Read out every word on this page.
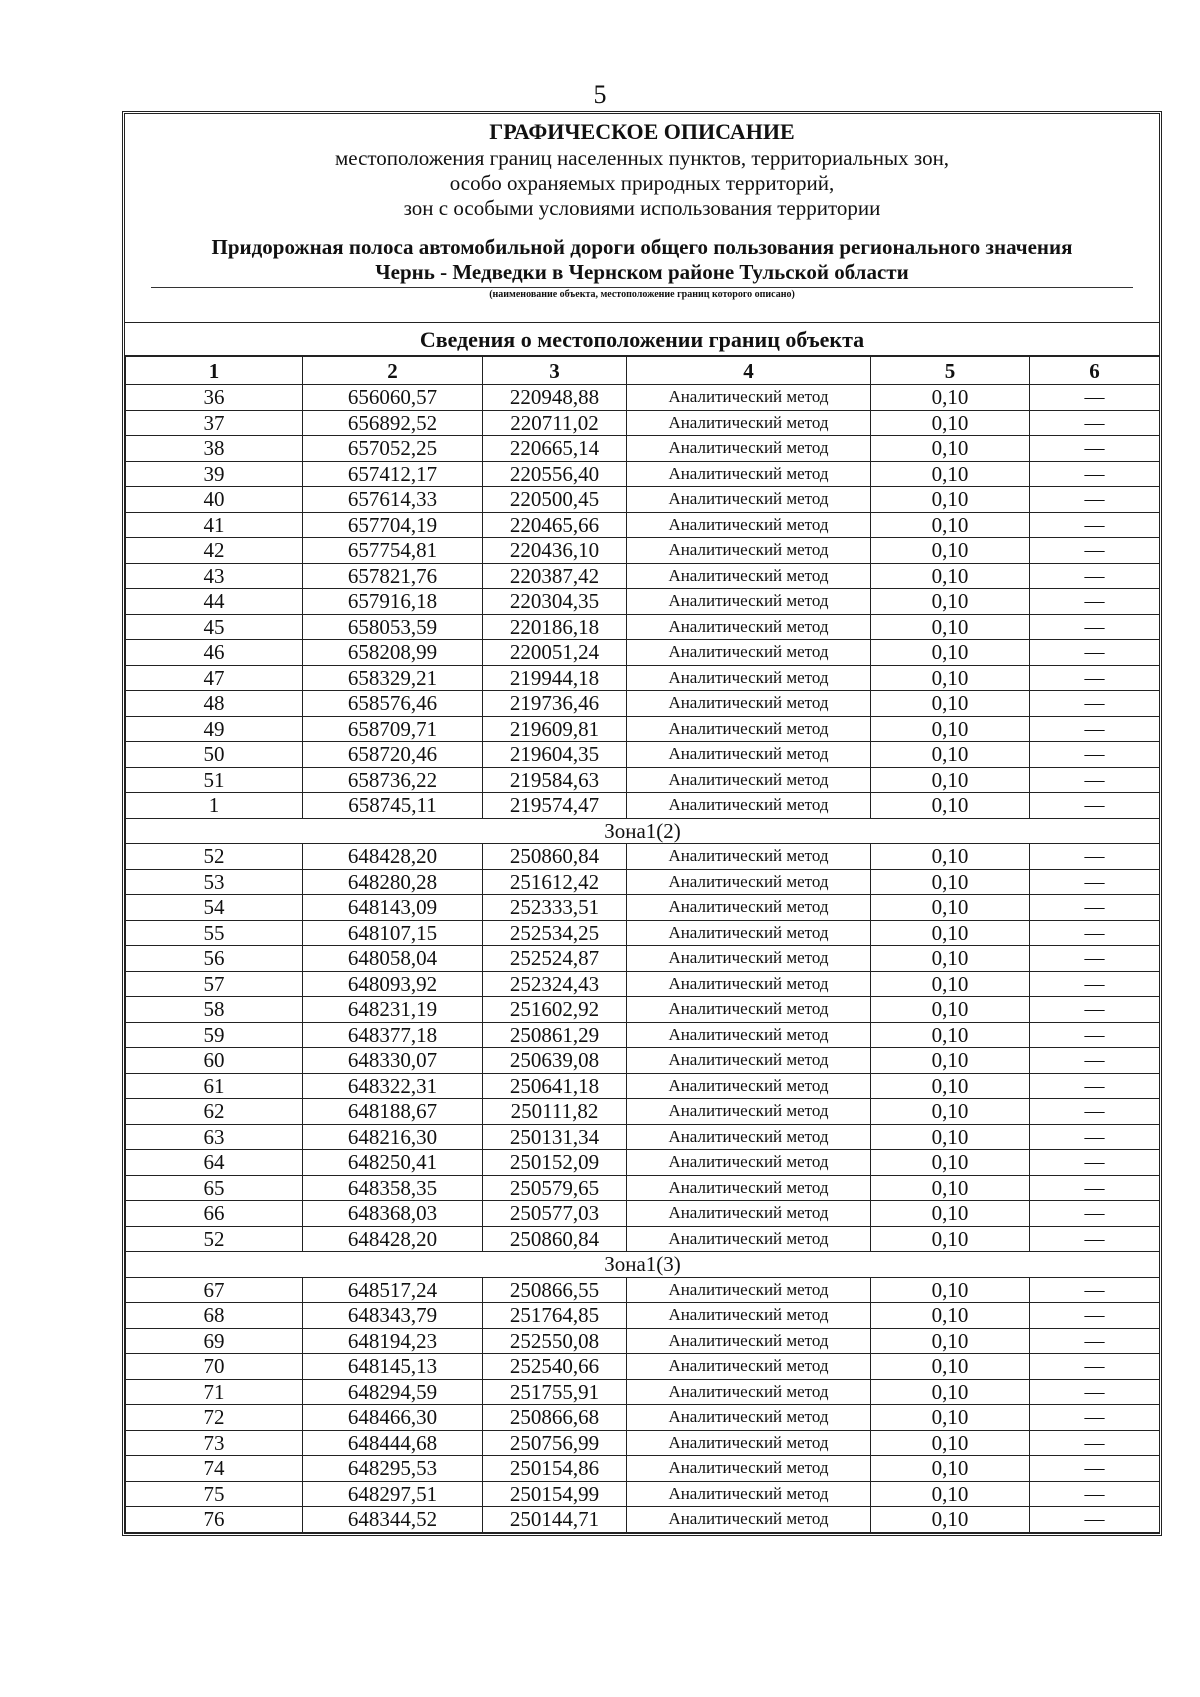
5
ГРАФИЧЕСКОЕ ОПИСАНИЕ
местоположения границ населенных пунктов, территориальных зон,
особо охраняемых природных территорий,
зон с особыми условиями использования территории
Придорожная полоса автомобильной дороги общего пользования регионального значения
Чернь - Медведки в Чернском районе Тульской области
(наименование объекта, местоположение границ которого описано)
Сведения о местоположении границ объекта
1	2	3	4	5	6
36	656060,57	220948,88	Аналитический метод	0,10	—
37	656892,52	220711,02	Аналитический метод	0,10	—
38	657052,25	220665,14	Аналитический метод	0,10	—
39	657412,17	220556,40	Аналитический метод	0,10	—
40	657614,33	220500,45	Аналитический метод	0,10	—
41	657704,19	220465,66	Аналитический метод	0,10	—
42	657754,81	220436,10	Аналитический метод	0,10	—
43	657821,76	220387,42	Аналитический метод	0,10	—
44	657916,18	220304,35	Аналитический метод	0,10	—
45	658053,59	220186,18	Аналитический метод	0,10	—
46	658208,99	220051,24	Аналитический метод	0,10	—
47	658329,21	219944,18	Аналитический метод	0,10	—
48	658576,46	219736,46	Аналитический метод	0,10	—
49	658709,71	219609,81	Аналитический метод	0,10	—
50	658720,46	219604,35	Аналитический метод	0,10	—
51	658736,22	219584,63	Аналитический метод	0,10	—
1	658745,11	219574,47	Аналитический метод	0,10	—
Зона1(2)					
52	648428,20	250860,84	Аналитический метод	0,10	—
53	648280,28	251612,42	Аналитический метод	0,10	—
54	648143,09	252333,51	Аналитический метод	0,10	—
55	648107,15	252534,25	Аналитический метод	0,10	—
56	648058,04	252524,87	Аналитический метод	0,10	—
57	648093,92	252324,43	Аналитический метод	0,10	—
58	648231,19	251602,92	Аналитический метод	0,10	—
59	648377,18	250861,29	Аналитический метод	0,10	—
60	648330,07	250639,08	Аналитический метод	0,10	—
61	648322,31	250641,18	Аналитический метод	0,10	—
62	648188,67	250111,82	Аналитический метод	0,10	—
63	648216,30	250131,34	Аналитический метод	0,10	—
64	648250,41	250152,09	Аналитический метод	0,10	—
65	648358,35	250579,65	Аналитический метод	0,10	—
66	648368,03	250577,03	Аналитический метод	0,10	—
52	648428,20	250860,84	Аналитический метод	0,10	—
Зона1(3)					
67	648517,24	250866,55	Аналитический метод	0,10	—
68	648343,79	251764,85	Аналитический метод	0,10	—
69	648194,23	252550,08	Аналитический метод	0,10	—
70	648145,13	252540,66	Аналитический метод	0,10	—
71	648294,59	251755,91	Аналитический метод	0,10	—
72	648466,30	250866,68	Аналитический метод	0,10	—
73	648444,68	250756,99	Аналитический метод	0,10	—
74	648295,53	250154,86	Аналитический метод	0,10	—
75	648297,51	250154,99	Аналитический метод	0,10	—
76	648344,52	250144,71	Аналитический метод	0,10	—
